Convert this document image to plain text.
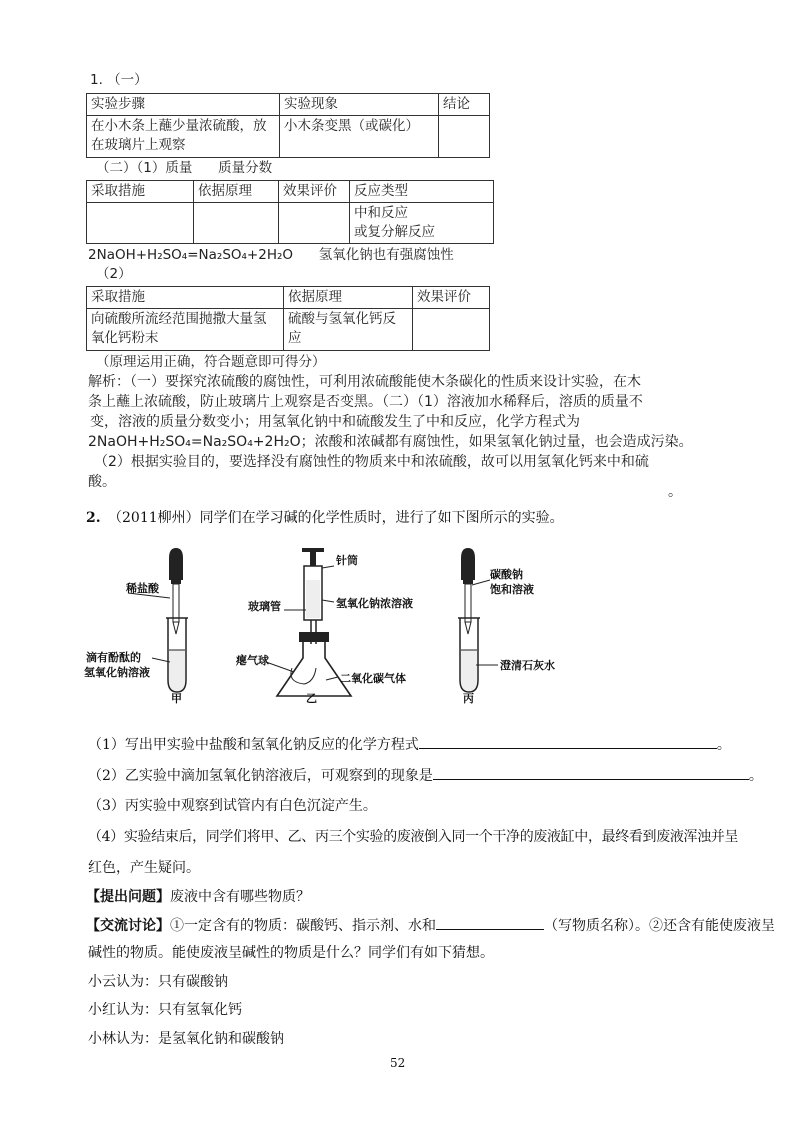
1. （一）
实验步骤	实验现象	结论
在小木条上蘸少量浓硫酸，放在玻璃片上观察	小木条变黑（或碳化）	
（二）（1）质量      质量分数
采取措施	依据原理	效果评价	反应类型
			中和反应
或复分解反应
2NaOH+H₂SO₄=Na₂SO₄+2H₂O      氢氧化钠也有强腐蚀性
（2）
采取措施	依据原理	效果评价
向硫酸所流经范围抛撒大量氢氧化钙粉末	硫酸与氢氧化钙反应	
（原理运用正确，符合题意即可得分）
解析：（一）要探究浓硫酸的腐蚀性，可利用浓硫酸能使木条碳化的性质来设计实验，在木
条上蘸上浓硫酸，防止玻璃片上观察是否变黑。（二）（1）溶液加水稀释后，溶质的质量不
变，溶液的质量分数变小；用氢氧化钠中和硫酸发生了中和反应，化学方程式为
2NaOH+H₂SO₄=Na₂SO₄+2H₂O；浓酸和浓碱都有腐蚀性，如果氢氧化钠过量，也会造成污染。
（2）根据实验目的，要选择没有腐蚀性的物质来中和浓硫酸，故可以用氢氧化钙来中和硫
酸。
。
2. （2011柳州）同学们在学习碱的化学性质时，进行了如下图所示的实验。
稀盐酸
滴有酚酞的
氢氧化钠溶液
甲
针筒
玻璃管	氢氧化钠浓溶液
瘪气球
二氧化碳气体
乙
碳酸钠
饱和溶液
澄清石灰水
丙
（1）写出甲实验中盐酸和氢氧化钠反应的化学方程式	。
（2）乙实验中滴加氢氧化钠溶液后，可观察到的现象是	。
（3）丙实验中观察到试管内有白色沉淀产生。
（4）实验结束后，同学们将甲、乙、丙三个实验的废液倒入同一个干净的废液缸中，最终看到废液浑浊并呈
红色，产生疑问。
【提出问题】废液中含有哪些物质？
【交流讨论】①一定含有的物质：碳酸钙、指示剂、水和	（写物质名称）。②还含有能使废液呈
碱性的物质。能使废液呈碱性的物质是什么？同学们有如下猜想。
小云认为：只有碳酸钠
小红认为：只有氢氧化钙
小林认为：是氢氧化钠和碳酸钠
52
